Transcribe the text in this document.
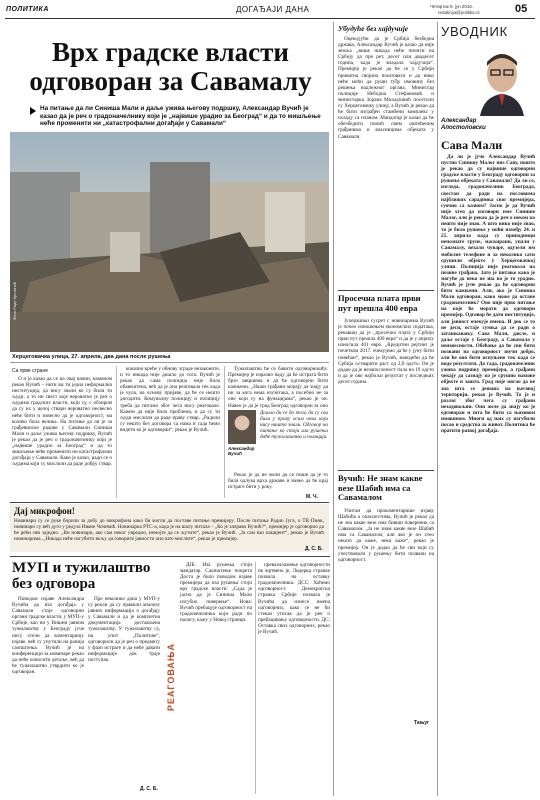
ПОЛИТИКА	ДОГАЂАЈИ ДАНА	Четвртак 9. јун 2016.
redakcija@politika.rs	05
Врх градске власти
одговоран за Савамалу
На питање да ли Синиша Мали и даље ужива његову подршку, Александар Вучић је казао да је реч о градоначелнику који је „највише урадио за Београд“ и да то мишљење неће променити ни „катастрофални догађаји у Савамали“
Фото Раде Крстинић
Херцеговачка улица, 27. априла, два дана после рушења
Са прве стране

О н је казао да се на овај начин, наменом рекао Вучић – нити ви ти једна неформална институција, да нису знали ко су били ти људи, а то ни свест које вероватно је реч о људима градских власти, који су, с обзиром да су их у целој ствари вероватно несвесно неће бити и извесно да је одговорност, ма колико била велика. На питање да ли је за грађевинске радове у Савамали Синиша Мали и даље ужива његову подршку, Вучић је рекао да је реч о градоначелнику који је „највише урадио за Београд“ и да то мишљење неће променити ни катастрофални догађаји у Савамали. Како је казао, ради се о људима који су мислили да раде добру ствар.

кокачно креће у обнову зграде незаконите, и то никада није дошло до тога. Вучић је рекао да сама полиција није била обавештена, већ да је она реаговала тек када је чула, на основу пријаве, да ће се нешто догодити. Комуналну полицију и полицију треба да питамо због чега нису реаговале. Кажем да није било проблема, и да су ти људи мислили да раде праву ствар. „Радили су нешто без договора са нама и сада ћемо видети ко је одговоран“, рекао је Вучић.

Тужилаштво ће се бавити одговорношћу. Премијер је изразио наду да ће истрага бити брзо завршена и да ће одговорни бити кажњени. „Наши грађани морају да знају да ни за кога нема изузетака, а посебно не за оне који су на функцијама“, рекао је он. Навео је да је град Београд одговоран за оно

Александар Вучић
Дошло би се до тога да су сви били у праву осим оних који нису ништа знали. Одговор на питање ко стоји иза рушења даће тужилаштво и полиција.

Рекао је да не жели да се пише да је то била одлука врха државе и навео да ће крај истраге бити у року.

М. Ч.
Дај микрофон!
Новинари су се руке борили за добу до микрофона какo би могли да поставе питање премијеру. После питања Радио Југа, о ТВ Пинк, новинари су већ дуго у редуза Иване Чочевић. Новинарка РТС-а, када је на шалу питала – „Ко је заправо Вучић?“, премијер је одговорио да ће рећи сви заједно. „Ви новинари, ако сам неког увредио, немојте да се љутите“, рекао је Вучић. „Ја сам као пацијент“, рекао је Вучић новинарима. „Никада неће изгубити вољу да говорите јавности оно што мислите“, рекао је премијер.
Д. С. Б.
МУП и тужилаштво
без одговора

Поводом изјаве Александра Вучића да иза догађаја у Савамали стоје одговорни органи градске власти, у МУП-у Србије, као ни у Вишем јавном тужилаштву у Београду јуче нису хтели да коментаришу изјаве, већ су упутили на ранија саопштења. Вучић је на конференцији за новинаре рекао да неће износити детаље, већ да ће тужилаштво утврдити ко је одговоран.

Пре неколико дана у МУП-у су рекли да су правили анализу јавних информација о догађају у Савамали и да је комплетна документација достављена тужилаштву. У тужилаштву су, на упит „Политике“, одговорили да је реч о предмету у фази истраге и да неће давати информације док траје поступак.

Д. С. Б.
РЕАГОВАЊА

ДЈБ: Иза рушења стоји мандатар. Саопштење покрета Доста је било поводом изјаве премијера да иза рушења стоји врх градске власти: „Сада је јасно да је Синиша Мали изгубио поверење“. Нова: Вучић пребацује одговорност на градоначелника који ради по налогу, кажу у Новој странци.

превазилажење одговорности не жртвено је, Лидерка странке позвала на оставку градоначелника. ДСС: Хоћемо одговорност. Демократска странка Србије позвала је Вучића да изнесе имена одговорних, како се не би стекао утисак да је реч о пребацивању одговорности. ДС: Оставка свих одговорних, рекао је Вучић.

Убудуће без хајдучије

Оцењујући да је Србија безбедна држава, Александар Вучић је казао да није земља „више никада неће пичити на Србију да пре рет, десет или двадесет година, када је владала хајдучија“. Премијер је рекао да ће се у Србији приватна својина поштовати и да нико неће моћи да руши туђу имовину без решења надлежног органа. Министар полиције Небојша Стефановић и министарка Зорана Михајловић посетили су Херцеговачку улицу, а Вучић је рекао да ће бити изграђен стамбени комплекс у складу са планом. Мандатар је казао да ће обезбедити помоћ свим оштећеним грађанима и власницима објеката у Савамали.

Просечна плата први пут прешла 400 евра

Јучерашњи сусрет с новинарима Вучић је почео изношењем економских података, рекавши да је „просечна плата у Србији први пут прешла 400 евра“ и да је у априлу износила 401 евро. „Кредитни рејтинг је почетком 2017. очекујемо да ће у јуну бити повећан“, рекао је Вучић, наводећи да ће Србија остварити раст од 2,8 одсто. Он је додао да је незапосленост пала на 19 одсто и да је ово најбољи резултат у последњих десет година.

Вучић: Не знам какве везе Шабић има са Савамалом

Упитан да прокоментарише изјаву Шабића о опасностима, Вучић је рекао да не зна какве везе има бивши повереник са Савамалом. „Ја не знам какве везе Шабић има са Савамалом, али ако је он хтео нешто да каже, нека каже“, рекао је премијер. Он је додао да ће сви који су учествовали у рушењу бити позвани на одговорност.

Тањуг
УВОДНИК
Александар Апостоловски
Сава Мали

Да ли је јуче Александар Вучић пустио Синишу Малог низ Саву, пошто је рекао да су највише одговорни градске власти у Београду одговорни за рушење објеката у Савамали? Да ли се, изгледа, градоначелник Београда, свестан да ради на пословима најближих сарадника свог премијера, суочио са казном? Јасно је да Вучић није хтео да изговори име Синише Малог, али је рекао да је реч о неком ко нешто није знао. А што нико није знао, то је било рушење у ноћи између 24. и 25. априла када су припадници непознате групе, маскирани, упали у Савамалу, везали чуваре, одузели им мобилне телефоне и за неколико сати срушили објекте у Херцеговачкој улици. Полиција није реаговала на позиве грађана. Зато је питање како је могуће да неко не зна ко је то урадио. Вучић је јуче рекао да ће одговорни бити кажњени. Али, ако је Синиша Мали одговоран, како може да остане градоначелник? Ово није прво питање на које ће морати да одговори премијер. Одговор ће дати институције, али јавност очекује имена. И док се то не деси, остаје сумња да се ради о заташкавању. Сава Мали, дакле, и даље остаје у Београду, а Савамала у неизвесности. Обећање да ће сви бити позвани на одговорност звучи добро, али ће оно бити испуњено тек када се виде резултати. До тада, градоначелник ужива подршку премијера, а грађани чекају да сазнају ко је срушио њихове објекте и зашто. Град није могао да не зна шта се дешава на његовој територији, рекао је Вучић. То је и разлог због чега су грађани незадовољни. Они желе да знају ко је одговоран и шта ће бити са њиховом имовином. Многи од њих су изгубили посао и средства за живот. Политика ће пратити развој догађаја.
